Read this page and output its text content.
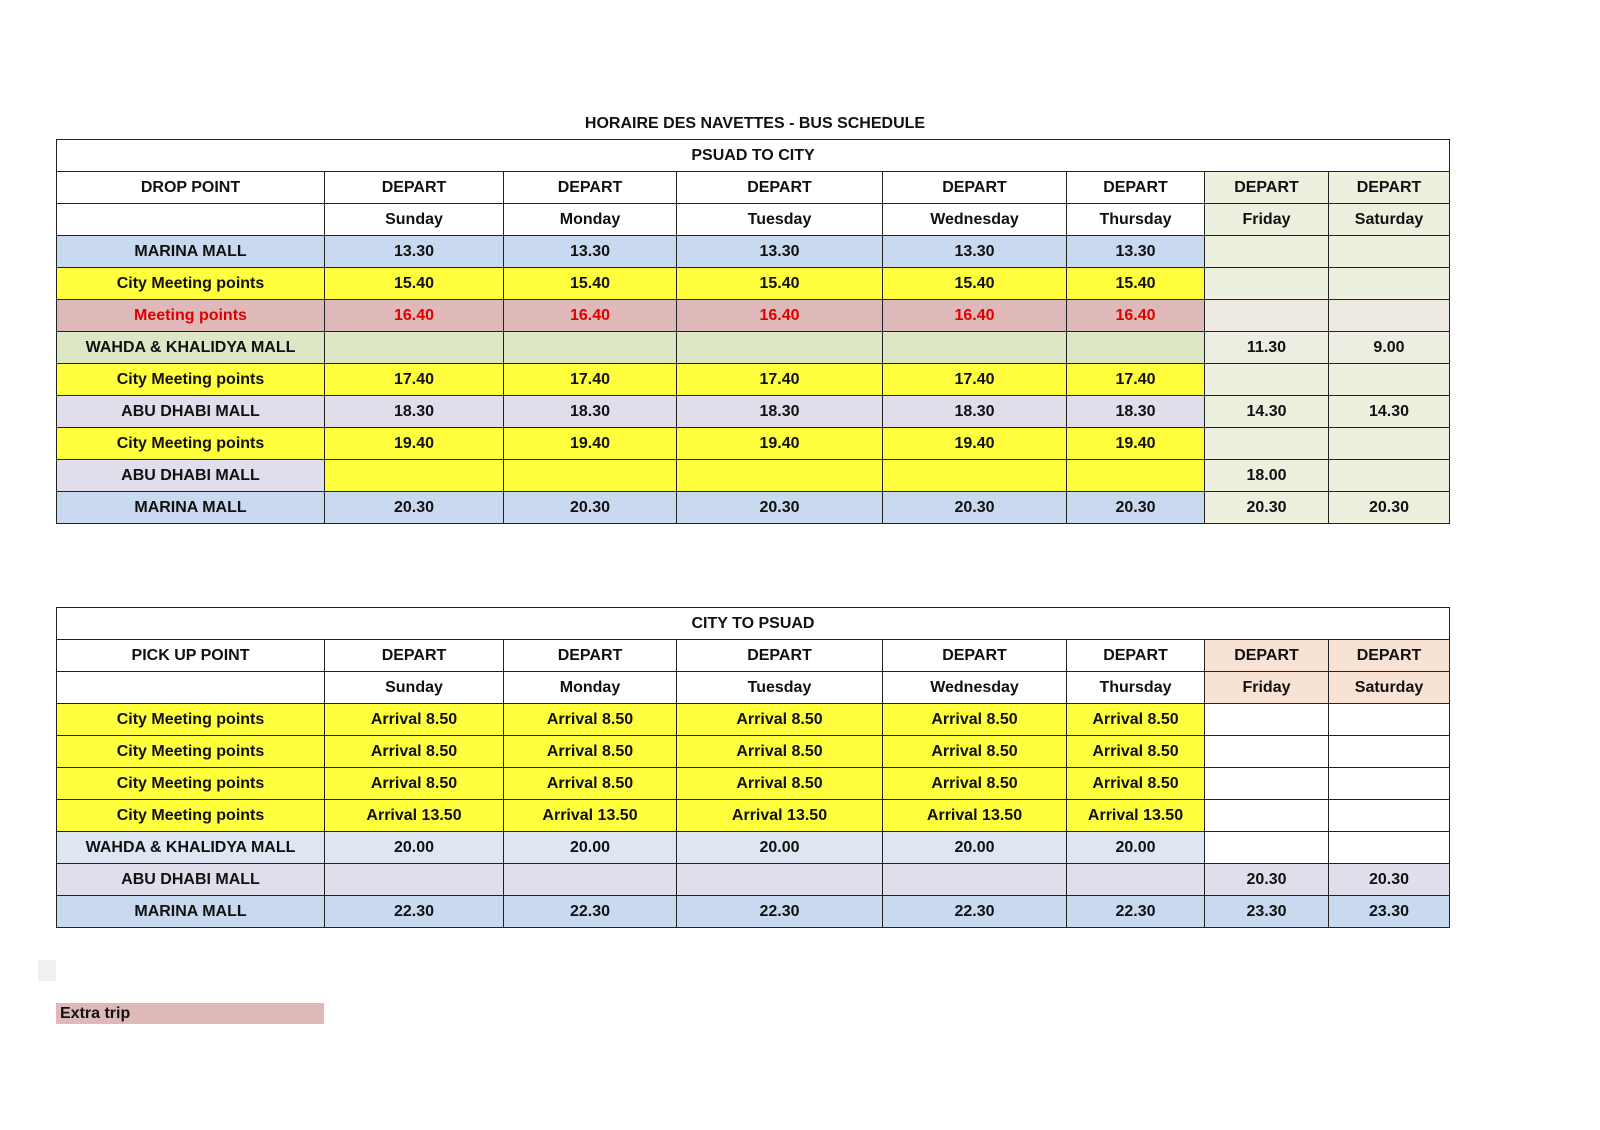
HORAIRE DES NAVETTES - BUS SCHEDULE
PSUAD TO CITY							
DROP POINT	DEPART	DEPART	DEPART	DEPART	DEPART	DEPART	DEPART
	Sunday	Monday	Tuesday	Wednesday	Thursday	Friday	Saturday
MARINA MALL	13.30	13.30	13.30	13.30	13.30		
City Meeting points	15.40	15.40	15.40	15.40	15.40		
Meeting points	16.40	16.40	16.40	16.40	16.40		
WAHDA & KHALIDYA MALL						11.30	9.00
City Meeting points	17.40	17.40	17.40	17.40	17.40		
ABU DHABI MALL	18.30	18.30	18.30	18.30	18.30	14.30	14.30
City Meeting points	19.40	19.40	19.40	19.40	19.40		
ABU DHABI MALL						18.00	
MARINA MALL	20.30	20.30	20.30	20.30	20.30	20.30	20.30
CITY TO PSUAD							
PICK UP POINT	DEPART	DEPART	DEPART	DEPART	DEPART	DEPART	DEPART
	Sunday	Monday	Tuesday	Wednesday	Thursday	Friday	Saturday
City Meeting points	Arrival 8.50	Arrival 8.50	Arrival 8.50	Arrival 8.50	Arrival 8.50		
City Meeting points	Arrival 8.50	Arrival 8.50	Arrival 8.50	Arrival 8.50	Arrival 8.50		
City Meeting points	Arrival 8.50	Arrival 8.50	Arrival 8.50	Arrival 8.50	Arrival 8.50		
City Meeting points	Arrival 13.50	Arrival 13.50	Arrival 13.50	Arrival 13.50	Arrival 13.50		
WAHDA & KHALIDYA MALL	20.00	20.00	20.00	20.00	20.00		
ABU DHABI MALL						20.30	20.30
MARINA MALL	22.30	22.30	22.30	22.30	22.30	23.30	23.30
Extra trip
